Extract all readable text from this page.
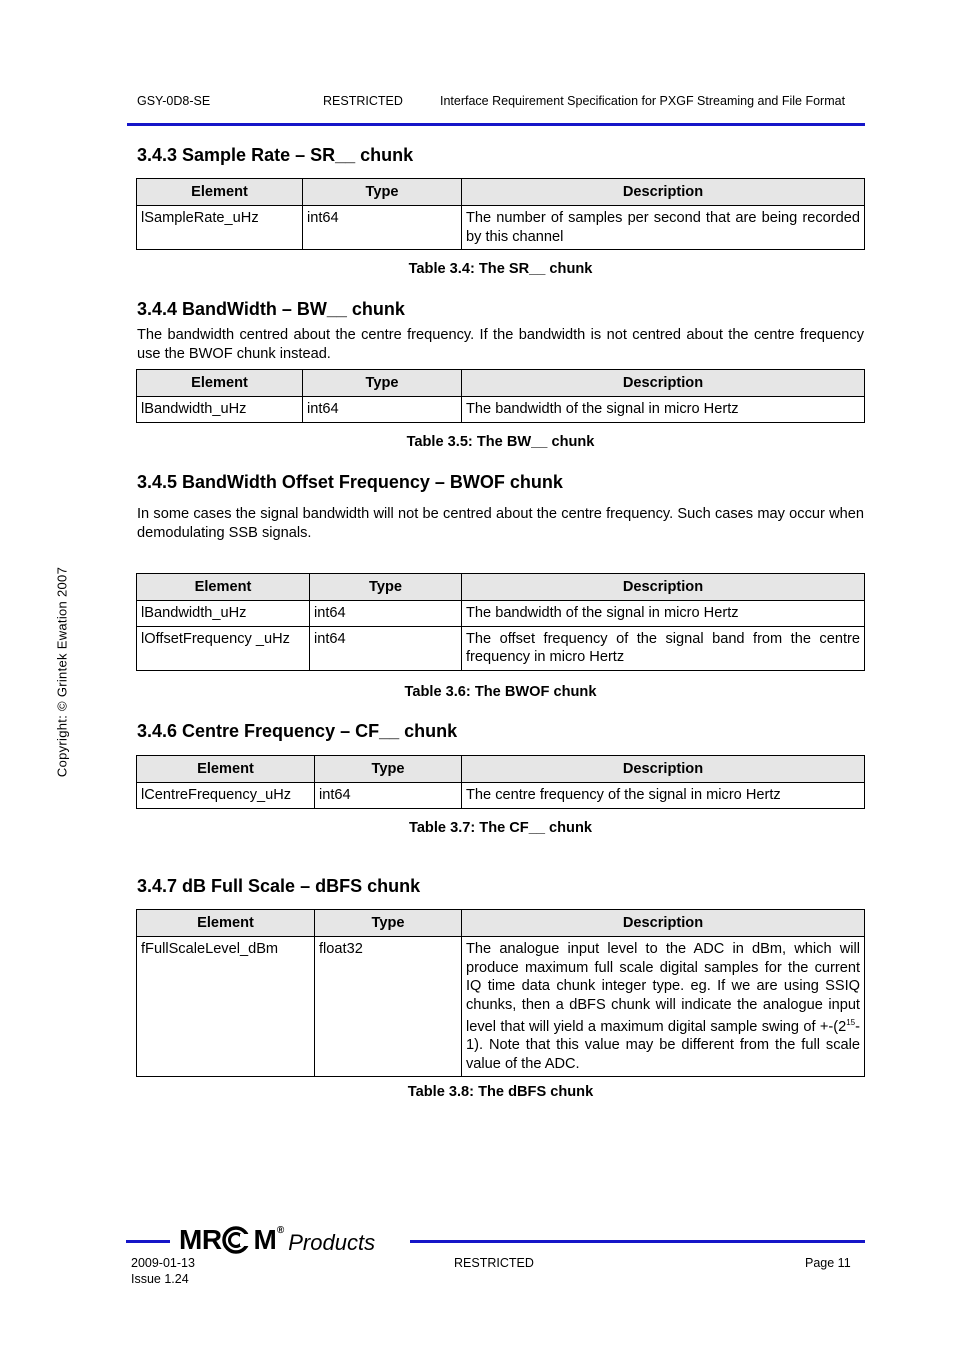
GSY-0D8-SE	RESTRICTED	Interface Requirement Specification for PXGF Streaming and File Format
Copyright: © Grintek Ewation 2007
3.4.3 Sample Rate – SR__ chunk
Element	Type	Description
lSampleRate_uHz	int64	The number of samples per second that are being recorded by this channel
Table 3.4: The SR__ chunk
3.4.4 BandWidth – BW__ chunk

The bandwidth centred about the centre frequency. If the bandwidth is not centred about the centre frequency use the BWOF chunk instead.

Element	Type	Description
lBandwidth_uHz	int64	The bandwidth of the signal in micro Hertz
Table 3.5: The BW__ chunk
3.4.5 BandWidth Offset Frequency – BWOF chunk

In some cases the signal bandwidth will not be centred about the centre frequency. Such cases may occur when demodulating SSB signals.

Element	Type	Description
lBandwidth_uHz	int64	The bandwidth of the signal in micro Hertz
lOffsetFrequency _uHz	int64	The offset frequency of the signal band from the centre frequency in micro Hertz
Table 3.6: The BWOF chunk
3.4.6 Centre Frequency – CF__ chunk
Element	Type	Description
lCentreFrequency_uHz	int64	The centre frequency of the signal in micro Hertz
Table 3.7: The CF__ chunk
3.4.7 dB Full Scale – dBFS chunk
Element	Type	Description
fFullScaleLevel_dBm	float32	The analogue input level to the ADC in dBm, which will produce maximum full scale digital samples for the current IQ time data chunk integer type. eg. If we are using SSIQ chunks, then a dBFS chunk will indicate the analogue input level that will yield a maximum digital sample swing of $+-(2^{15}-1)$. Note that this value may be different from the full scale value of the ADC.
Table 3.8: The dBFS chunk
MR M® Products
2009-01-13
Issue 1.24
RESTRICTED	Page 11
